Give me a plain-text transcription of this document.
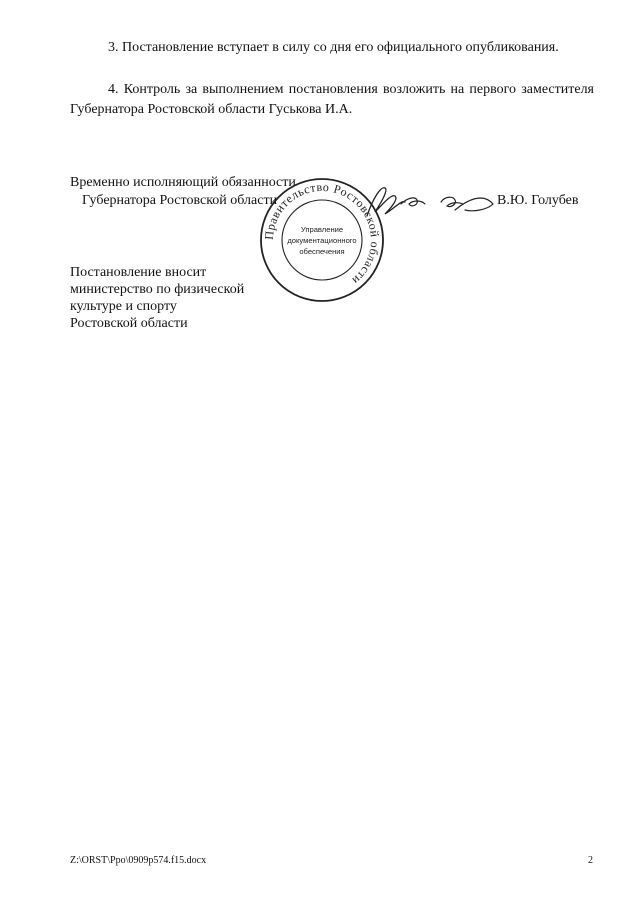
3. Постановление вступает в силу со дня его официального опубликования.
4. Контроль за выполнением постановления возложить на первого заместителя Губернатора Ростовской области Гуськова И.А.
Временно исполняющий обязанности
Губернатора Ростовской области
Правительство Ростовской области
Управление
документационного
обеспечения
В.Ю. Голубев
Постановление вносит
министерство по физической
культуре и спорту
Ростовской области
Z:\ORST\Ppo\0909p574.f15.docx	2
